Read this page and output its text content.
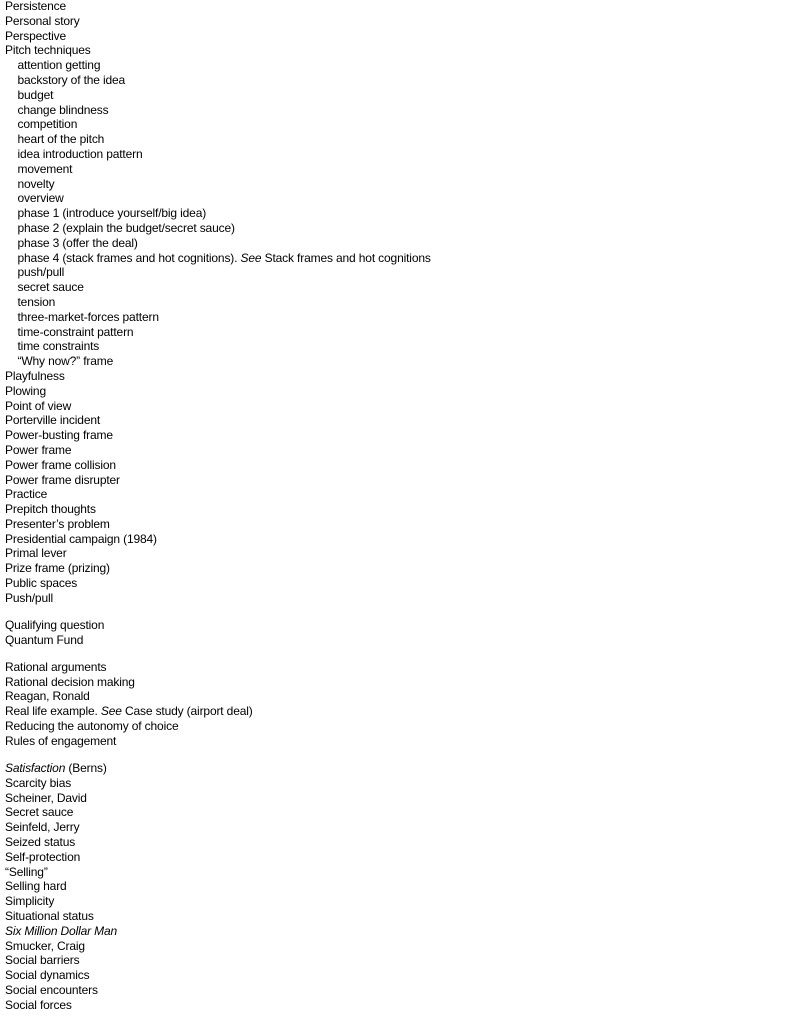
Persistence
Personal story
Perspective
Pitch techniques
attention getting
backstory of the idea
budget
change blindness
competition
heart of the pitch
idea introduction pattern
movement
novelty
overview
phase 1 (introduce yourself/big idea)
phase 2 (explain the budget/secret sauce)
phase 3 (offer the deal)
phase 4 (stack frames and hot cognitions). See Stack frames and hot cognitions
push/pull
secret sauce
tension
three-market-forces pattern
time-constraint pattern
time constraints
“Why now?” frame
Playfulness
Plowing
Point of view
Porterville incident
Power-busting frame
Power frame
Power frame collision
Power frame disrupter
Practice
Prepitch thoughts
Presenter’s problem
Presidential campaign (1984)
Primal lever
Prize frame (prizing)
Public spaces
Push/pull
Qualifying question
Quantum Fund
Rational arguments
Rational decision making
Reagan, Ronald
Real life example. See Case study (airport deal)
Reducing the autonomy of choice
Rules of engagement
Satisfaction (Berns)
Scarcity bias
Scheiner, David
Secret sauce
Seinfeld, Jerry
Seized status
Self-protection
“Selling”
Selling hard
Simplicity
Situational status
Six Million Dollar Man
Smucker, Craig
Social barriers
Social dynamics
Social encounters
Social forces
